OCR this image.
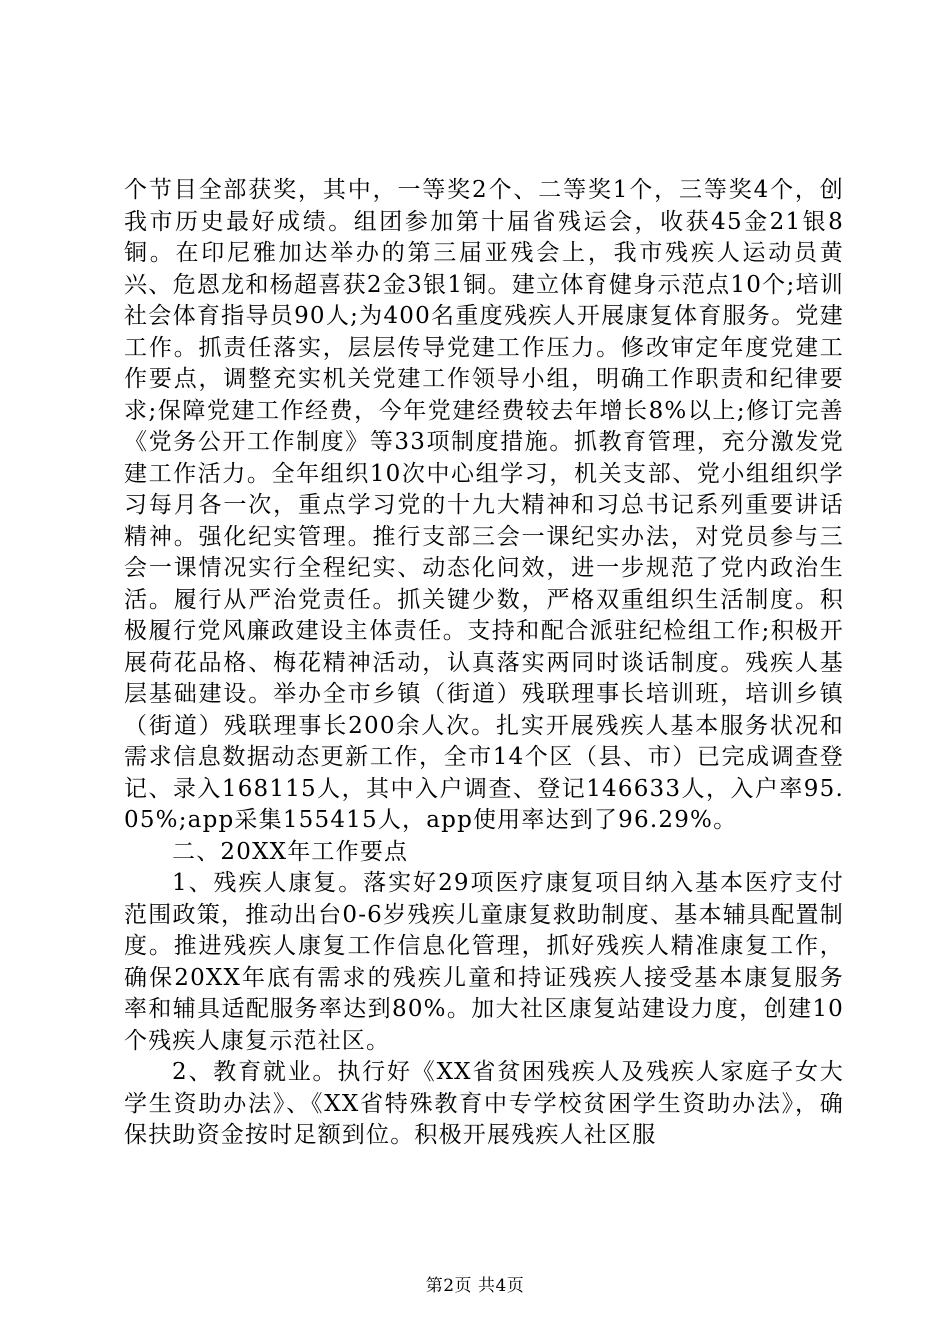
个节目全部获奖，其中，一等奖2个、二等奖1个，三等奖4个，创我市历史最好成绩。组团参加第十届省残运会，收获45金21银8铜。在印尼雅加达举办的第三届亚残会上，我市残疾人运动员黄兴、危恩龙和杨超喜获2金3银1铜。建立体育健身示范点10个;培训社会体育指导员90人;为400名重度残疾人开展康复体育服务。党建工作。抓责任落实，层层传导党建工作压力。修改审定年度党建工作要点，调整充实机关党建工作领导小组，明确工作职责和纪律要求;保障党建工作经费，今年党建经费较去年增长8%以上;修订完善《党务公开工作制度》等33项制度措施。抓教育管理，充分激发党建工作活力。全年组织10次中心组学习，机关支部、党小组组织学习每月各一次，重点学习党的十九大精神和习总书记系列重要讲话精神。强化纪实管理。推行支部三会一课纪实办法，对党员参与三会一课情况实行全程纪实、动态化问效，进一步规范了党内政治生活。履行从严治党责任。抓关键少数，严格双重组织生活制度。积极履行党风廉政建设主体责任。支持和配合派驻纪检组工作;积极开展荷花品格、梅花精神活动，认真落实两同时谈话制度。残疾人基层基础建设。举办全市乡镇（街道）残联理事长培训班，培训乡镇（街道）残联理事长200余人次。扎实开展残疾人基本服务状况和需求信息数据动态更新工作，全市14个区（县、市）已完成调查登记、录入168115人，其中入户调查、登记146633人，入户率95.05%;app采集155415人，app使用率达到了96.29%。

二、20XX年工作要点

1、残疾人康复。落实好29项医疗康复项目纳入基本医疗支付范围政策，推动出台0-6岁残疾儿童康复救助制度、基本辅具配置制度。推进残疾人康复工作信息化管理，抓好残疾人精准康复工作，确保20XX年底有需求的残疾儿童和持证残疾人接受基本康复服务率和辅具适配服务率达到80%。加大社区康复站建设力度，创建10个残疾人康复示范社区。

2、教育就业。执行好《XX省贫困残疾人及残疾人家庭子女大学生资助办法》、《XX省特殊教育中专学校贫困学生资助办法》，确保扶助资金按时足额到位。积极开展残疾人社区服

第2页 共4页
